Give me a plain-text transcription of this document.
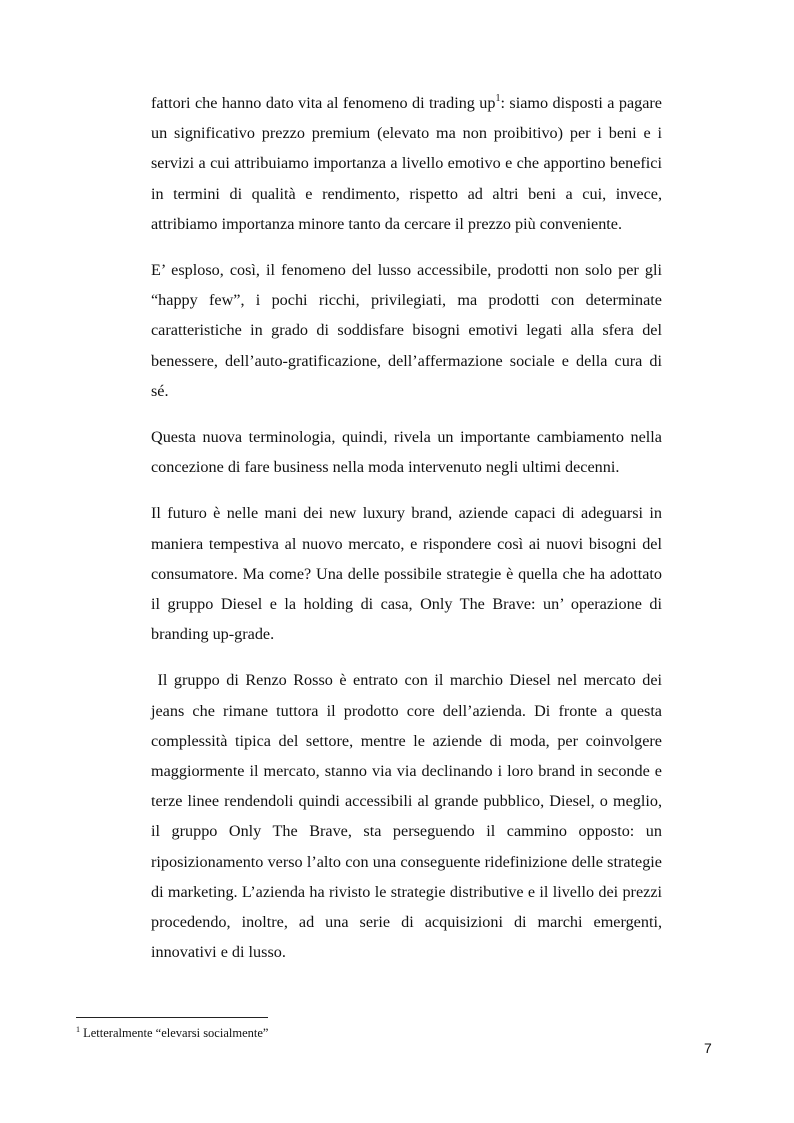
fattori che hanno dato vita al fenomeno di trading up$^1$: siamo disposti a pagare un significativo prezzo premium (elevato ma non proibitivo) per i beni e i servizi a cui attribuiamo importanza a livello emotivo e che apportino benefici in termini di qualità e rendimento, rispetto ad altri beni a cui, invece, attribiamo importanza minore tanto da cercare il prezzo più conveniente.

E’ esploso, così, il fenomeno del lusso accessibile, prodotti non solo per gli “happy few”, i pochi ricchi, privilegiati, ma prodotti con determinate caratteristiche in grado di soddisfare bisogni emotivi legati alla sfera del benessere, dell’auto-gratificazione, dell’affermazione sociale e della cura di sé.

Questa nuova terminologia, quindi, rivela un importante cambiamento nella concezione di fare business nella moda intervenuto negli ultimi decenni.

Il futuro è nelle mani dei new luxury brand, aziende capaci di adeguarsi in maniera tempestiva al nuovo mercato, e rispondere così ai nuovi bisogni del consumatore. Ma come? Una delle possibile strategie è quella che ha adottato il gruppo Diesel e la holding di casa, Only The Brave: un’ operazione di branding up-grade.

Il gruppo di Renzo Rosso è entrato con il marchio Diesel nel mercato dei jeans che rimane tuttora il prodotto core dell’azienda. Di fronte a questa complessità tipica del settore, mentre le aziende di moda, per coinvolgere maggiormente il mercato, stanno via via declinando i loro brand in seconde e terze linee rendendoli quindi accessibili al grande pubblico, Diesel, o meglio, il gruppo Only The Brave, sta perseguendo il cammino opposto: un riposizionamento verso l’alto con una conseguente ridefinizione delle strategie di marketing. L’azienda ha rivisto le strategie distributive e il livello dei prezzi procedendo, inoltre, ad una serie di acquisizioni di marchi emergenti, innovativi e di lusso.

$^1$ Letteralmente “elevarsi socialmente”

7
